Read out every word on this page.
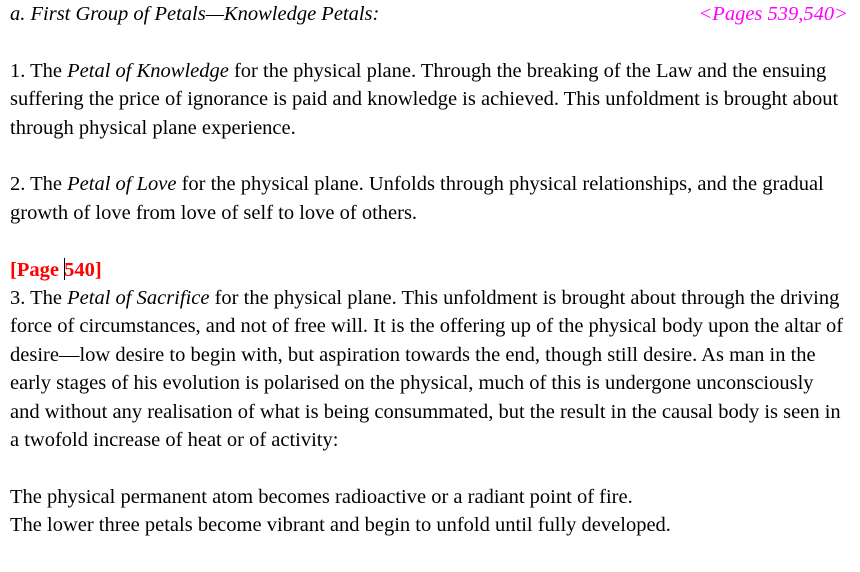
a. First Group of Petals—Knowledge Petals:	<Pages 539,540>

1. The Petal of Knowledge for the physical plane. Through the breaking of the Law and the ensuing suffering the price of ignorance is paid and knowledge is achieved. This unfoldment is brought about through physical plane experience.

2. The Petal of Love for the physical plane. Unfolds through physical relationships, and the gradual growth of love from love of self to love of others.

[Page 540]

3. The Petal of Sacrifice for the physical plane. This unfoldment is brought about through the driving force of circumstances, and not of free will. It is the offering up of the physical body upon the altar of desire—low desire to begin with, but aspiration towards the end, though still desire. As man in the early stages of his evolution is polarised on the physical, much of this is undergone unconsciously and without any realisation of what is being consummated, but the result in the causal body is seen in a twofold increase of heat or of activity:

The physical permanent atom becomes radioactive or a radiant point of fire.
The lower three petals become vibrant and begin to unfold until fully developed.
